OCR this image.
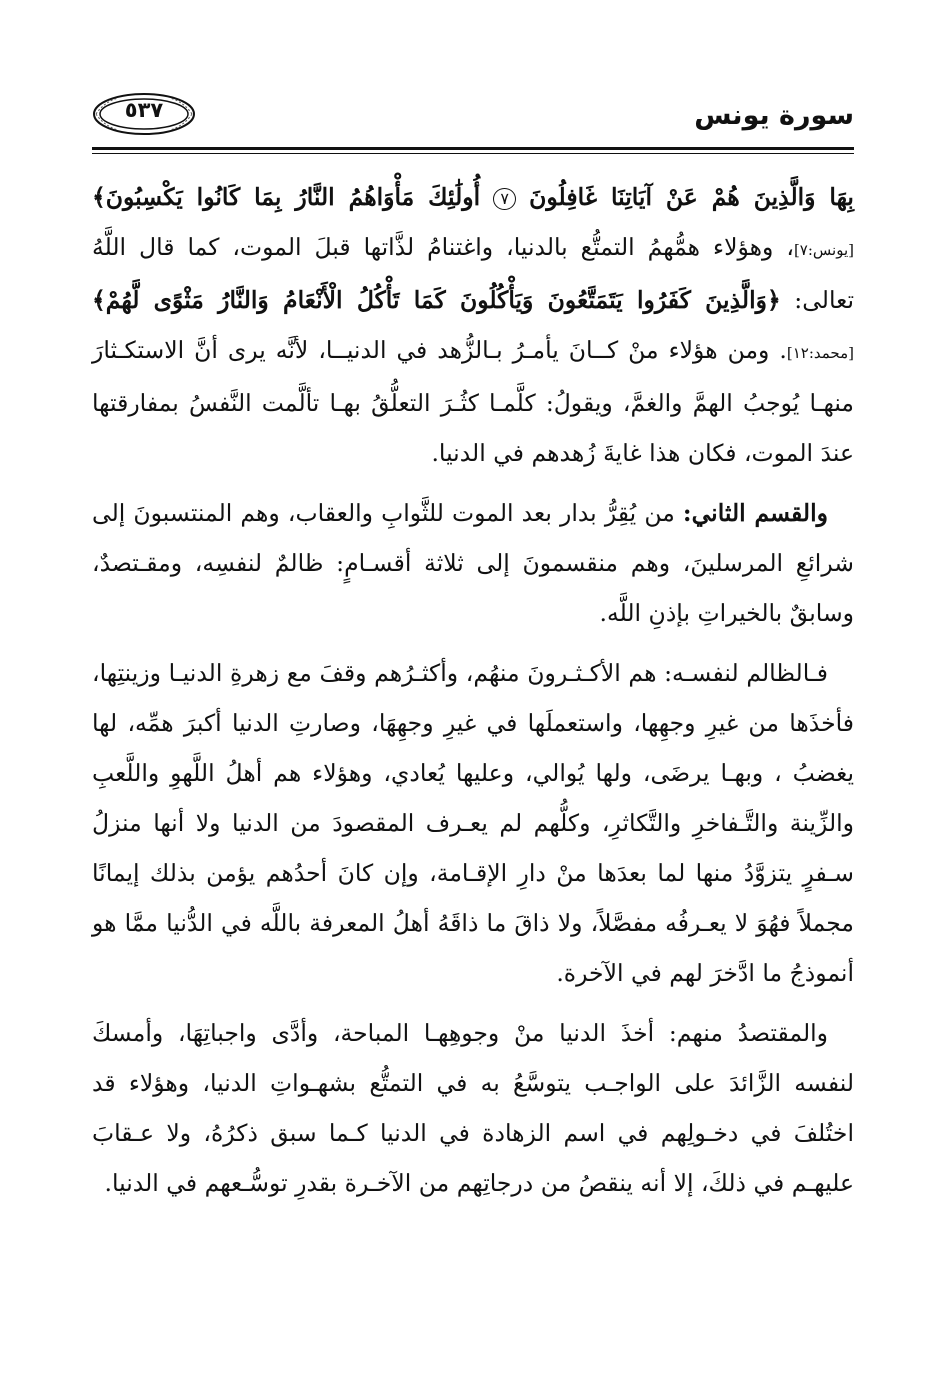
سورة يونس
٥٣٧

بِهَا وَالَّذِينَ هُمْ عَنْ آيَاتِنَا غَافِلُونَ ٧ أُولَٰئِكَ مَأْوَاهُمُ النَّارُ بِمَا كَانُوا يَكْسِبُونَ﴾ [يونس:٧]، وهؤلاء همُّهمُ التمتُّع بالدنيا، واغتنامُ لذَّاتها قبلَ الموت، كما قال اللَّهُ تعالى: ﴿وَالَّذِينَ كَفَرُوا يَتَمَتَّعُونَ وَيَأْكُلُونَ كَمَا تَأْكُلُ الْأَنْعَامُ وَالنَّارُ مَثْوًى لَّهُمْ﴾ [محمد:١٢]. ومن هؤلاء منْ كــانَ يأمـرُ بـالزُّهد في الدنيــا، لأنَّه يرى أنَّ الاستكـثارَ منهـا يُوجبُ الهمَّ والغمَّ، ويقولُ: كلَّمـا كثُـرَ التعلُّقُ بهـا تألَّمت النَّفسُ بمفارقتها عندَ الموت، فكان هذا غايةَ زُهدهم في الدنيا.

والقسم الثاني: من يُقِرُّ بدار بعد الموت للثَّوابِ والعقاب، وهم المنتسبونَ إلى شرائعِ المرسلينَ، وهم منقسمونَ إلى ثلاثة أقسـامٍ: ظالمٌ لنفسِه، ومقـتصدٌ، وسابقٌ بالخيراتِ بإذنِ اللَّه.

فـالظالم لنفسـه: هم الأكـثـرونَ منهُم، وأكثـرُهم وقفَ مع زهرةِ الدنيـا وزينتِها، فأخذَها من غيرِ وجهِها، واستعملَها في غيرِ وجهِهَا، وصارتِ الدنيا أكبرَ همِّه، لها يغضبُ ، وبهـا يرضَى، ولها يُوالي، وعليها يُعادي، وهؤلاء هم أهلُ اللَّهوِ واللَّعبِ والزِّينة والتَّـفاخرِ والتَّكاثرِ، وكلُّهم لم يعـرف المقصودَ من الدنيا ولا أنها منزلُ سـفرٍ يتزوَّدُ منها لما بعدَها منْ دارِ الإقـامة، وإن كانَ أحدُهم يؤمن بذلك إيمانًا مجملاً فهُوَ لا يعـرفُه مفصَّلاً، ولا ذاقَ ما ذاقَهُ أهلُ المعرفة باللَّه في الدُّنيا ممَّا هو أنموذجُ ما ادَّخرَ لهم في الآخرة.

والمقتصدُ منهم: أخذَ الدنيا منْ وجوهِهـا المباحة، وأدَّى واجباتِهَا، وأمسكَ لنفسه الزَّائدَ على الواجـب يتوسَّعُ به في التمتُّع بشهـواتِ الدنيا، وهؤلاء قد اختُلفَ في دخـولِهم في اسم الزهادة في الدنيا كـما سبق ذكرُهُ، ولا عـقابَ عليهـم في ذلكَ، إلا أنه ينقصُ من درجاتِهم من الآخـرة بقدرِ توسُّـعهم في الدنيا.
